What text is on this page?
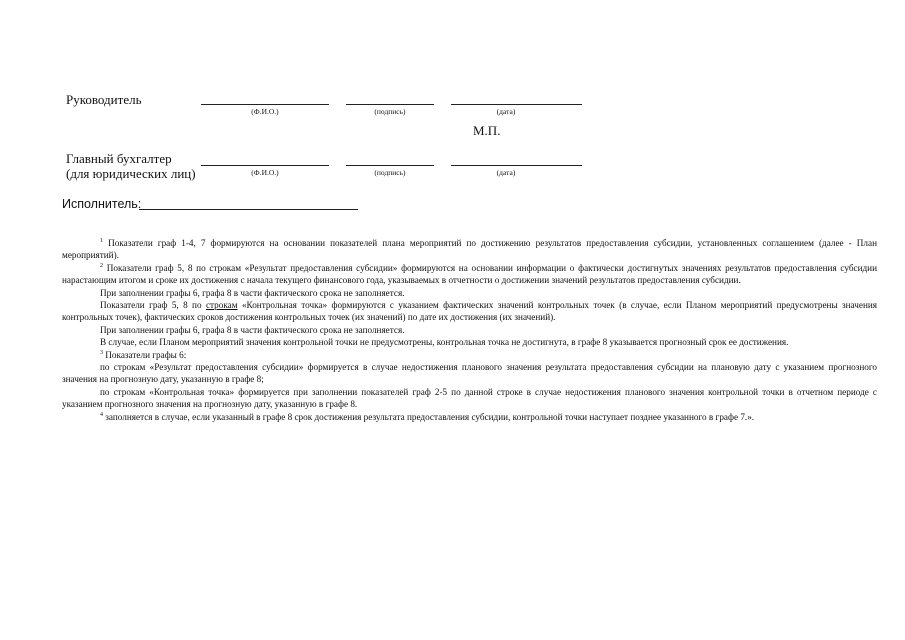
Руководитель
(Ф.И.О.)	(подпись)	(дата)
М.П.
Главный бухгалтер
(для юридических лиц)	(Ф.И.О.)	(подпись)	(дата)
Исполнитель:

$^1$ Показатели граф 1-4, 7 формируются на основании показателей плана мероприятий по достижению результатов предоставления субсидии, установленных соглашением (далее - План мероприятий).

$^2$ Показатели граф 5, 8 по строкам «Результат предоставления субсидии» формируются на основании информации о фактически достигнутых значениях результатов предоставления субсидии нарастающим итогом и сроке их достижения с начала текущего финансового года, указываемых в отчетности о достижении значений результатов предоставления субсидии.

При заполнении графы 6, графа 8 в части фактического срока не заполняется.

Показатели граф 5, 8 по строкам «Контрольная точка» формируются с указанием фактических значений контрольных точек (в случае, если Планом мероприятий предусмотрены значения контрольных точек), фактических сроков достижения контрольных точек (их значений) по дате их достижения (их значений).

При заполнении графы 6, графа 8 в части фактического срока не заполняется.

В случае, если Планом мероприятий значения контрольной точки не предусмотрены, контрольная точка не достигнута, в графе 8 указывается прогнозный срок ее достижения.

$^3$ Показатели графы 6:

по строкам «Результат предоставления субсидии» формируется в случае недостижения планового значения результата предоставления субсидии на плановую дату с указанием прогнозного значения на прогнозную дату, указанную в графе 8;

по строкам «Контрольная точка» формируется при заполнении показателей граф 2-5 по данной строке в случае недостижения планового значения контрольной точки в отчетном периоде с указанием прогнозного значения на прогнозную дату, указанную в графе 8.

$^4$ заполняется в случае, если указанный в графе 8 срок достижения результата предоставления субсидии, контрольной точки наступает позднее указанного в графе 7.».
